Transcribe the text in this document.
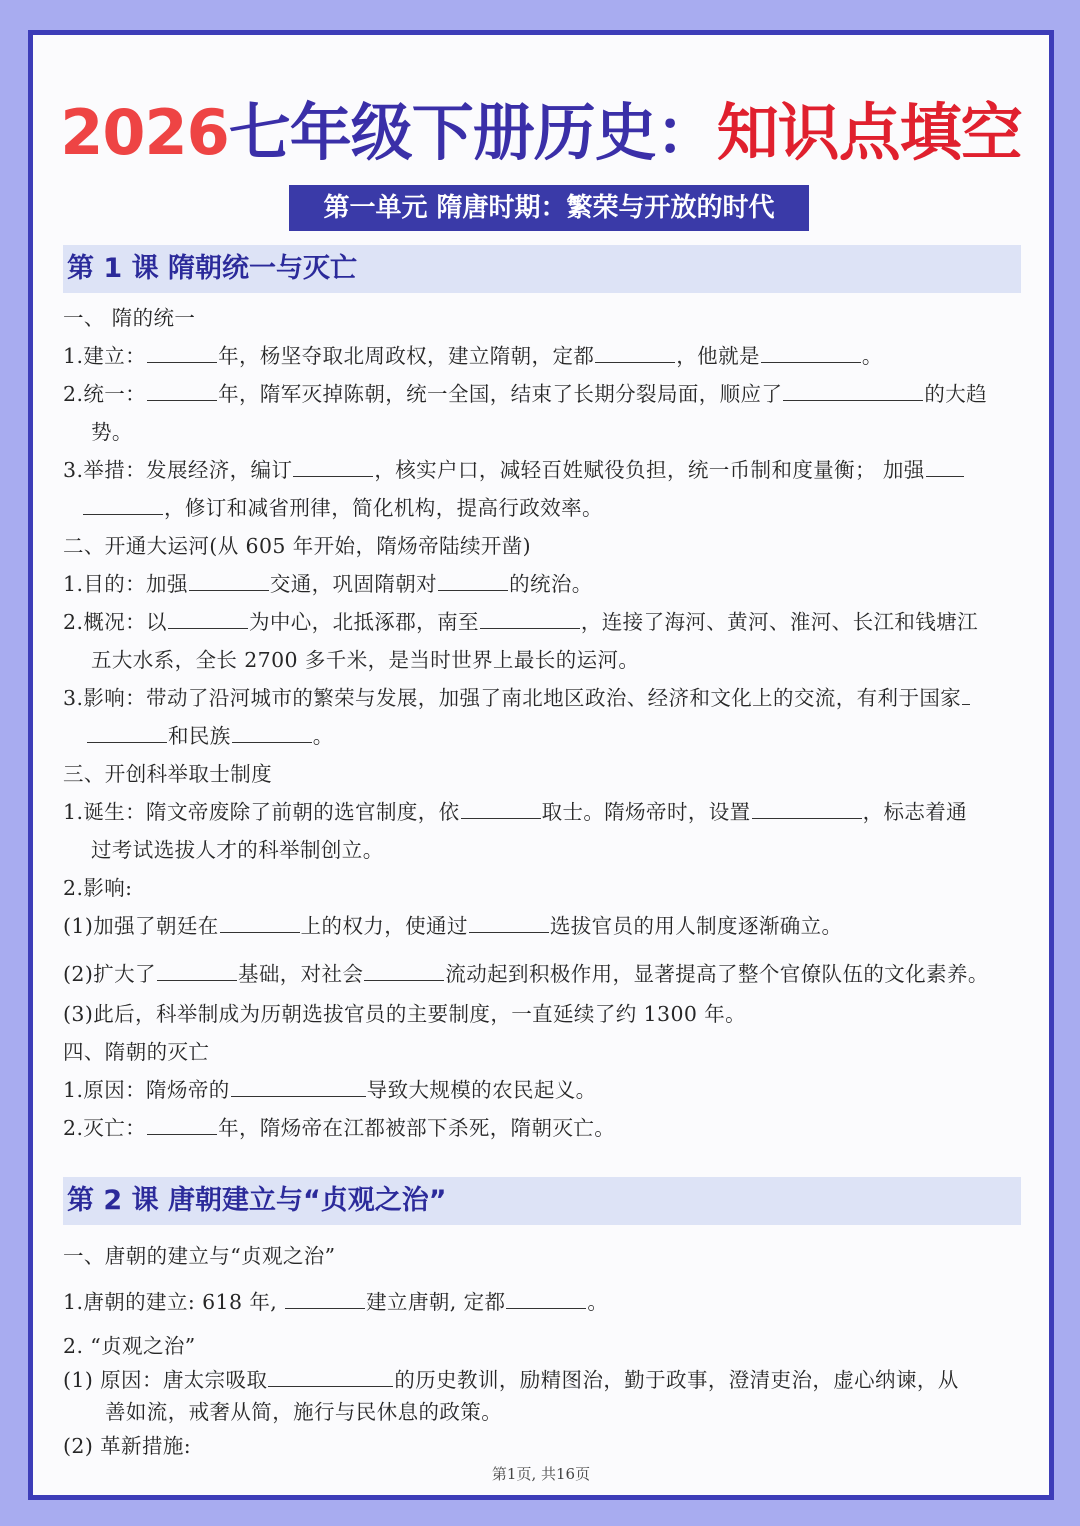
2026七年级下册历史：知识点填空
第一单元 隋唐时期：繁荣与开放的时代
第 1 课 隋朝统一与灭亡
一、 隋的统一
1.建立：	年，杨坚夺取北周政权，建立隋朝，定都	，他就是	。
2.统一：	年，隋军灭掉陈朝，统一全国，结束了长期分裂局面，顺应了	的大趋
势。
3.举措：发展经济，编订	，核实户口，减轻百姓赋役负担，统一币制和度量衡； 加强
，修订和减省刑律，简化机构，提高行政效率。
二、开通大运河(从 605 年开始，隋炀帝陆续开凿)
1.目的：加强	交通，巩固隋朝对	的统治。
2.概况：以	为中心，北抵涿郡，南至	，连接了海河、黄河、淮河、长江和钱塘江
五大水系，全长 2700 多千米，是当时世界上最长的运河。
3.影响：带动了沿河城市的繁荣与发展，加强了南北地区政治、经济和文化上的交流，有利于国家
和民族	。
三、开创科举取士制度
1.诞生：隋文帝废除了前朝的选官制度，依	取士。隋炀帝时，设置	，标志着通
过考试选拔人才的科举制创立。
2.影响:
(1)加强了朝廷在	上的权力，使通过	选拔官员的用人制度逐渐确立。
(2)扩大了	基础，对社会	流动起到积极作用，显著提高了整个官僚队伍的文化素养。
(3)此后，科举制成为历朝选拔官员的主要制度，一直延续了约 1300 年。
四、隋朝的灭亡
1.原因：隋炀帝的	导致大规模的农民起义。
2.灭亡：	年，隋炀帝在江都被部下杀死，隋朝灭亡。
第 2 课 唐朝建立与“贞观之治”
一、唐朝的建立与“贞观之治”
1.唐朝的建立: 618 年,	建立唐朝, 定都	。
2. “贞观之治”
(1) 原因：唐太宗吸取	的历史教训，励精图治，勤于政事，澄清吏治，虚心纳谏，从
善如流，戒奢从简，施行与民休息的政策。
(2) 革新措施:
第1页, 共16页
